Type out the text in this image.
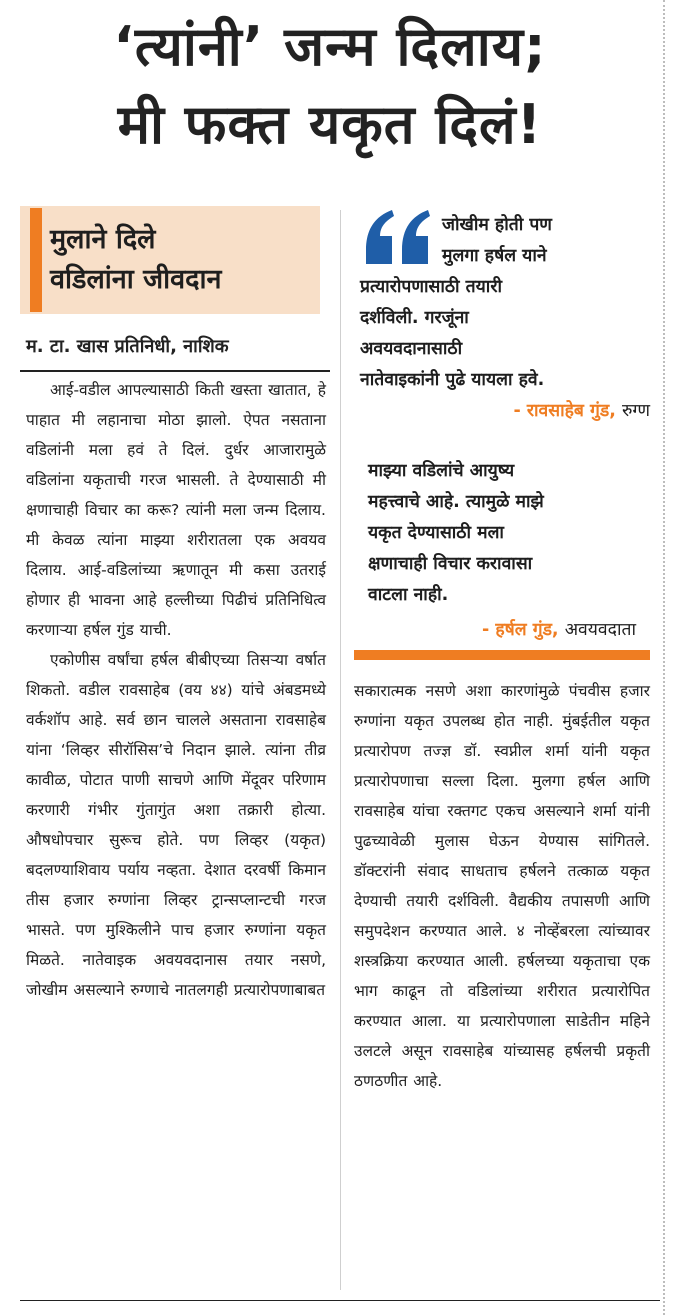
‘त्यांनी’ जन्म दिलाय;
मी फक्त यकृत दिलं!
मुलाने दिले
वडिलांना जीवदान
म. टा. खास प्रतिनिधी, नाशिक

आई-वडील आपल्यासाठी किती खस्ता खातात, हे पाहात मी लहानाचा मोठा झालो. ऐपत नसताना वडिलांनी मला हवं ते दिलं. दुर्धर आजारामुळे वडिलांना यकृताची गरज भासली. ते देण्यासाठी मी क्षणाचाही विचार का करू? त्यांनी मला जन्म दिलाय. मी केवळ त्यांना माझ्या शरीरातला एक अवयव दिलाय. आई-वडिलांच्या ऋणातून मी कसा उतराई होणार ही भावना आहे हल्लीच्या पिढीचं प्रतिनिधित्व करणाऱ्या हर्षल गुंड याची.

एकोणीस वर्षांचा हर्षल बीबीएच्या तिसऱ्या वर्षात शिकतो. वडील रावसाहेब (वय ४४) यांचे अंबडमध्ये वर्कशॉप आहे. सर्व छान चालले असताना रावसाहेब यांना ‘लिव्हर सीरॉसिस’चे निदान झाले. त्यांना तीव्र कावीळ, पोटात पाणी साचणे आणि मेंदूवर परिणाम करणारी गंभीर गुंतागुंत अशा तक्रारी होत्या. औषधोपचार सुरूच होते. पण लिव्हर (यकृत) बदलण्याशिवाय पर्याय नव्हता. देशात दरवर्षी किमान तीस हजार रुग्णांना लिव्हर ट्रान्सप्लान्टची गरज भासते. पण मुश्किलीने पाच हजार रुग्णांना यकृत मिळते. नातेवाइक अवयवदानास तयार नसणे, जोखीम असल्याने रुग्णाचे नातलगही प्रत्यारोपणाबाबत

जोखीम होती पण
मुलगा हर्षल याने
प्रत्यारोपणासाठी तयारी
दर्शविली. गरजूंना
अवयवदानासाठी
नातेवाइकांनी पुढे यायला हवे.
- रावसाहेब गुंड, रुग्ण
माझ्या वडिलांचे आयुष्य
महत्त्वाचे आहे. त्यामुळे माझे
यकृत देण्यासाठी मला
क्षणाचाही विचार करावासा
वाटला नाही.
- हर्षल गुंड, अवयवदाता

सकारात्मक नसणे अशा कारणांमुळे पंचवीस हजार रुग्णांना यकृत उपलब्ध होत नाही. मुंबईतील यकृत प्रत्यारोपण तज्ज्ञ डॉ. स्वप्नील शर्मा यांनी यकृत प्रत्यारोपणाचा सल्ला दिला. मुलगा हर्षल आणि रावसाहेब यांचा रक्तगट एकच असल्याने शर्मा यांनी पुढच्यावेळी मुलास घेऊन येण्यास सांगितले. डॉक्टरांनी संवाद साधताच हर्षलने तत्काळ यकृत देण्याची तयारी दर्शविली. वैद्यकीय तपासणी आणि समुपदेशन करण्यात आले. ४ नोव्हेंबरला त्यांच्यावर शस्त्रक्रिया करण्यात आली. हर्षलच्या यकृताचा एक भाग काढून तो वडिलांच्या शरीरात प्रत्यारोपित करण्यात आला. या प्रत्यारोपणाला साडेतीन महिने उलटले असून रावसाहेब यांच्यासह हर्षलची प्रकृती ठणठणीत आहे.
